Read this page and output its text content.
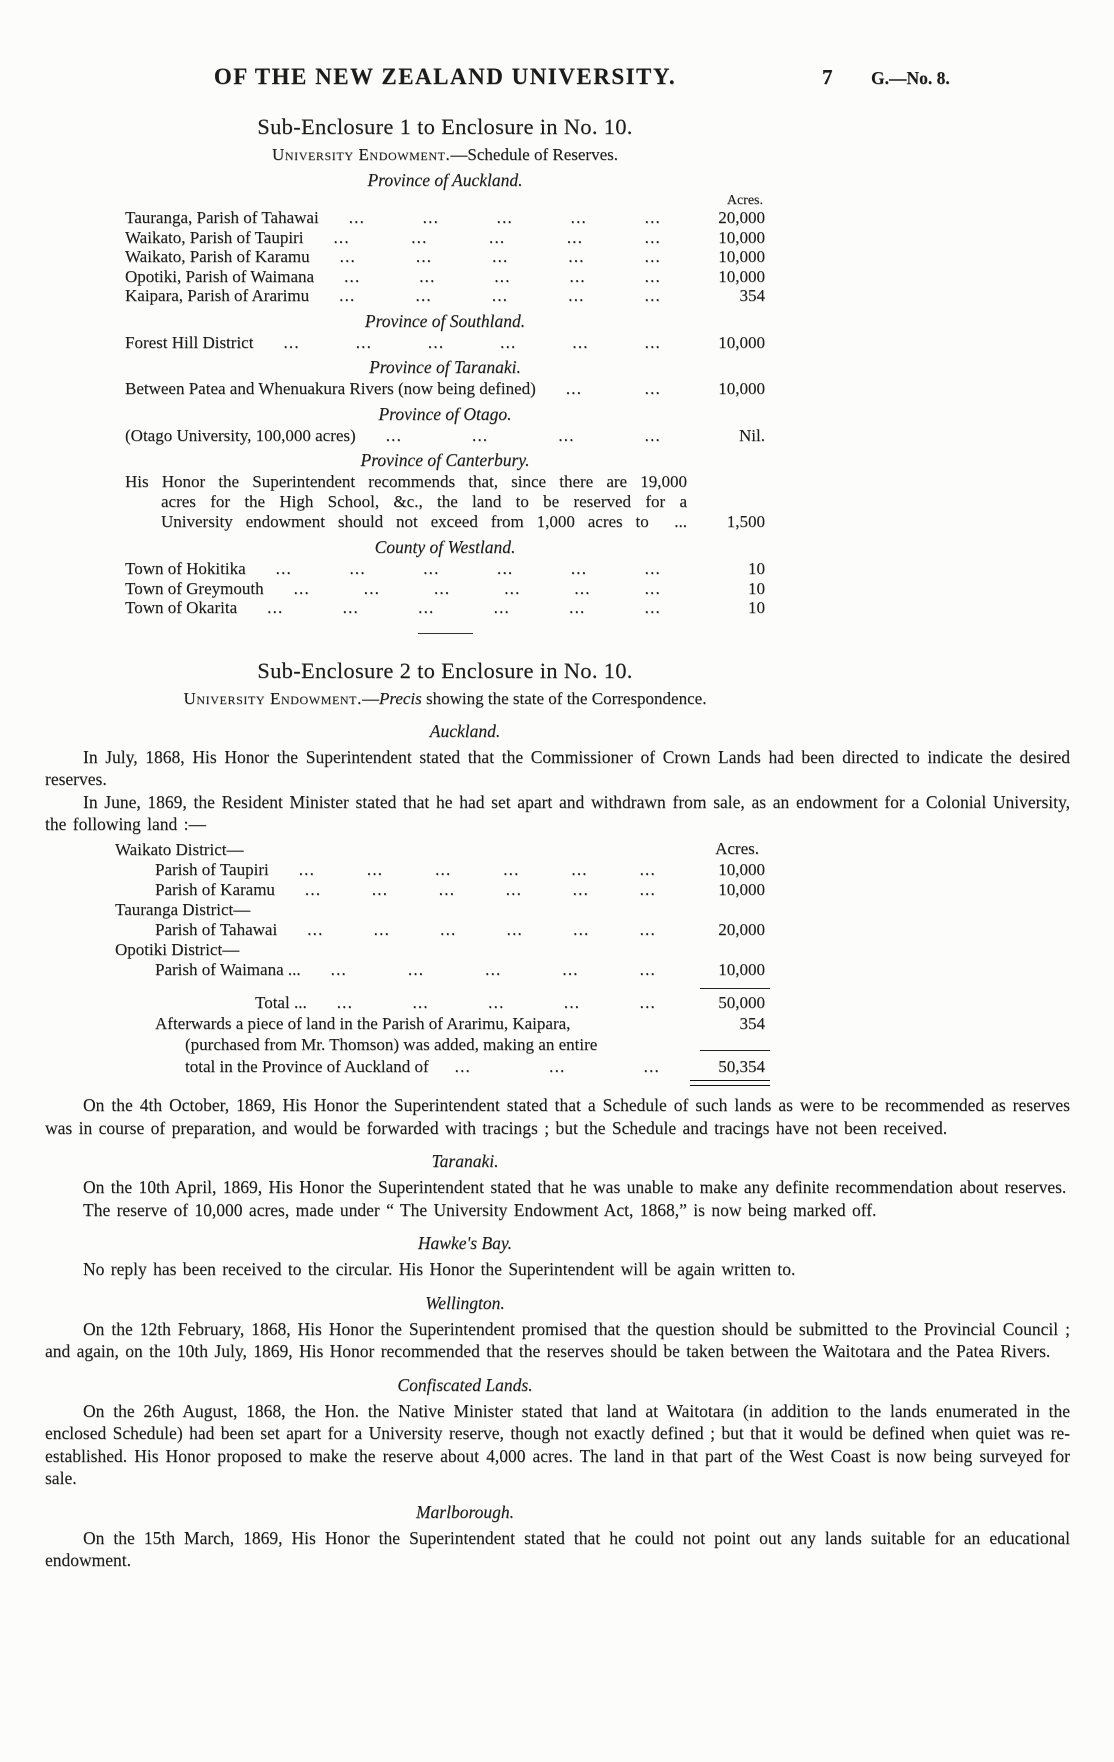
OF THE NEW ZEALAND UNIVERSITY.	7 G.—No. 8.
Sub-Enclosure 1 to Enclosure in No. 10.
University Endowment.—Schedule of Reserves.
Province of Auckland.
Acres.
Tauranga, Parish of Tahawai ...	...	...	...	...	20,000
Waikato, Parish of Taupiri ...	...	...	...	...	10,000
Waikato, Parish of Karamu ...	...	...	...	...	10,000
Opotiki, Parish of Waimana ...	...	...	...	...	10,000
Kaipara, Parish of Ararimu ...	...	...	...	...	354
Province of Southland.
Forest Hill District ...	...	...	...	...	...	10,000
Province of Taranaki.
Between Patea and Whenuakura Rivers (now being defined) ...	...	10,000
Province of Otago.
(Otago University, 100,000 acres) ...	...	...	...	Nil.
Province of Canterbury.
His Honor the Superintendent recommends that, since there are 19,000
acres for the High School, &c., the land to be reserved for a
University endowment should not exceed from 1,000 acres to  ...	1,500
County of Westland.
Town of Hokitika ...	...	...	...	...	...	10
Town of Greymouth ...	...	...	...	...	...	10
Town of Okarita ...	...	...	...	...	...	10
Sub-Enclosure 2 to Enclosure in No. 10.
University Endowment.—Precis showing the state of the Correspondence.
Auckland.

In July, 1868, His Honor the Superintendent stated that the Commissioner of Crown Lands had been directed to indicate the desired reserves.

In June, 1869, the Resident Minister stated that he had set apart and withdrawn from sale, as an endowment for a Colonial University, the following land :—

Acres.
Waikato District—
Parish of Taupiri ...	...	...	...	...	...	10,000
Parish of Karamu ...	...	...	...	...	...	10,000
Tauranga District—
Parish of Tahawai ...	...	...	...	...	...	20,000
Opotiki District—
Parish of Waimana ... ...	...	...	...	...	10,000
Total ... ...	...	...	...	...	50,000
Afterwards a piece of land in the Parish of Ararimu, Kaipara,	354
(purchased from Mr. Thomson) was added, making an entire
total in the Province of Auckland of ...	...	...	50,354

On the 4th October, 1869, His Honor the Superintendent stated that a Schedule of such lands as were to be recommended as reserves was in course of preparation, and would be forwarded with tracings ; but the Schedule and tracings have not been received.

Taranaki.

On the 10th April, 1869, His Honor the Superintendent stated that he was unable to make any definite recommendation about reserves.

The reserve of 10,000 acres, made under “ The University Endowment Act, 1868,” is now being marked off.

Hawke's Bay.

No reply has been received to the circular. His Honor the Superintendent will be again written to.

Wellington.

On the 12th February, 1868, His Honor the Superintendent promised that the question should be submitted to the Provincial Council ; and again, on the 10th July, 1869, His Honor recommended that the reserves should be taken between the Waitotara and the Patea Rivers.

Confiscated Lands.

On the 26th August, 1868, the Hon. the Native Minister stated that land at Waitotara (in addition to the lands enumerated in the enclosed Schedule) had been set apart for a University reserve, though not exactly defined ; but that it would be defined when quiet was re-established. His Honor proposed to make the reserve about 4,000 acres. The land in that part of the West Coast is now being surveyed for sale.

Marlborough.

On the 15th March, 1869, His Honor the Superintendent stated that he could not point out any lands suitable for an educational endowment.
